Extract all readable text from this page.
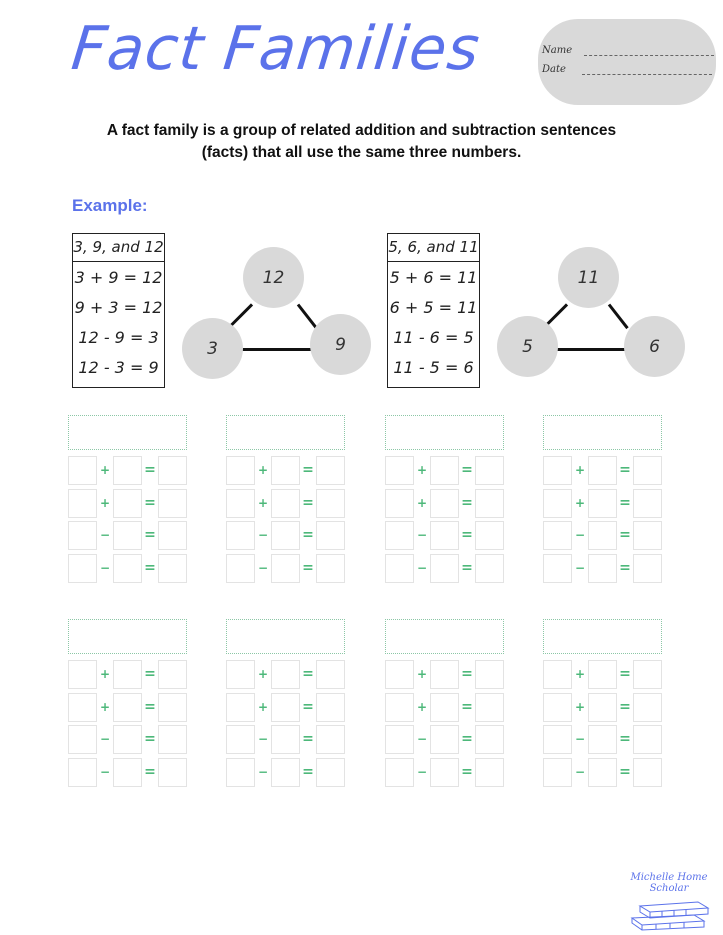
Fact Families	Name
Date
A fact family is a group of related addition and subtraction sentences
(facts) that all use the same three numbers.
Example:
3, 9, and 12
3 + 9 = 12
9 + 3 = 12
12 - 9 = 3
12 - 3 = 9
12
3	9
5, 6, and 11
5 + 6 = 11
6 + 5 = 11
11 - 6 = 5
11 - 5 = 6
11
5	6
+ =
+ =
− =
− =
+ =
+ =
− =
− =
+ =
+ =
− =
− =
+ =
+ =
− =
− =
+ =
+ =
− =
− =
+ =
+ =
− =
− =
+ =
+ =
− =
− =
+ =
+ =
− =
− =
Michelle Home
Scholar
